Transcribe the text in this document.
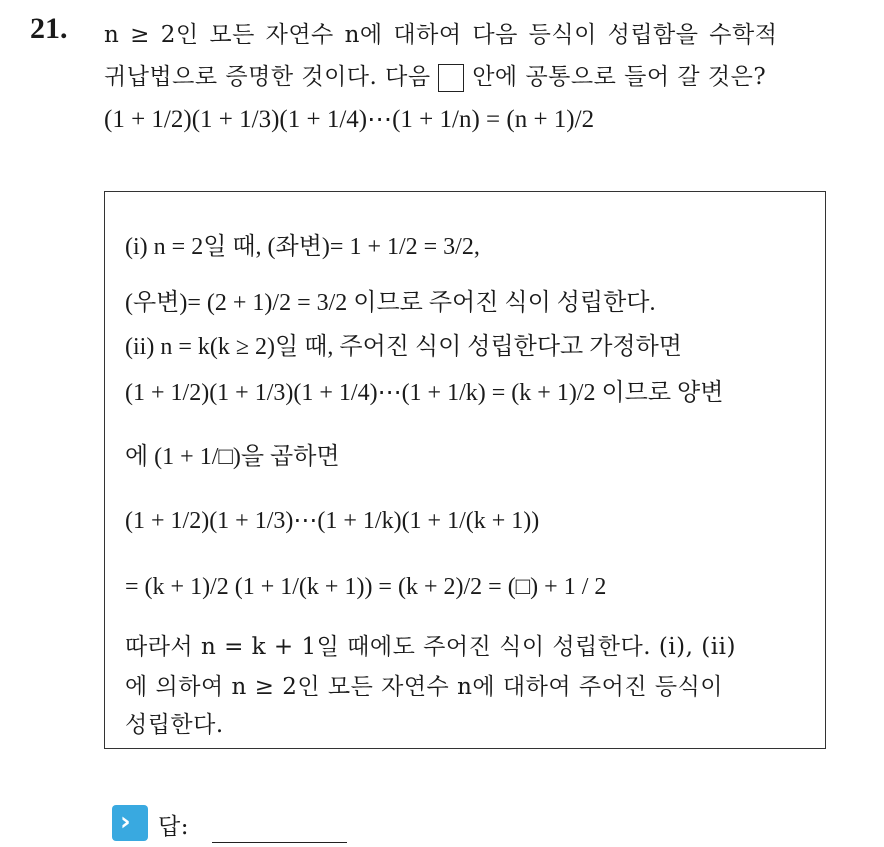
21. n ≥ 2인 모든 자연수 n에 대하여 다음 등식이 성립함을 수학적
귀납법으로 증명한 것이다. 다음 안에 공통으로 들어 갈 것은?
(1 + 1/2)(1 + 1/3)(1 + 1/4)⋯(1 + 1/n) = (n + 1)/2
(i) n = 2일 때, (좌변)= 1 + 1/2 = 3/2,
(우변)= (2 + 1)/2 = 3/2 이므로 주어진 식이 성립한다.
(ii) n = k(k ≥ 2)일 때, 주어진 식이 성립한다고 가정하면
(1 + 1/2)(1 + 1/3)(1 + 1/4)⋯(1 + 1/k) = (k + 1)/2 이므로 양변
에 (1 + 1/□)을 곱하면
(1 + 1/2)(1 + 1/3)⋯(1 + 1/k)(1 + 1/(k + 1))
= (k + 1)/2 (1 + 1/(k + 1)) = (k + 2)/2 = (□) + 1 / 2
따라서 n = k + 1일 때에도 주어진 식이 성립한다. (i), (ii)
에 의하여 n ≥ 2인 모든 자연수 n에 대하여 주어진 등식이
성립한다.
› 답:
